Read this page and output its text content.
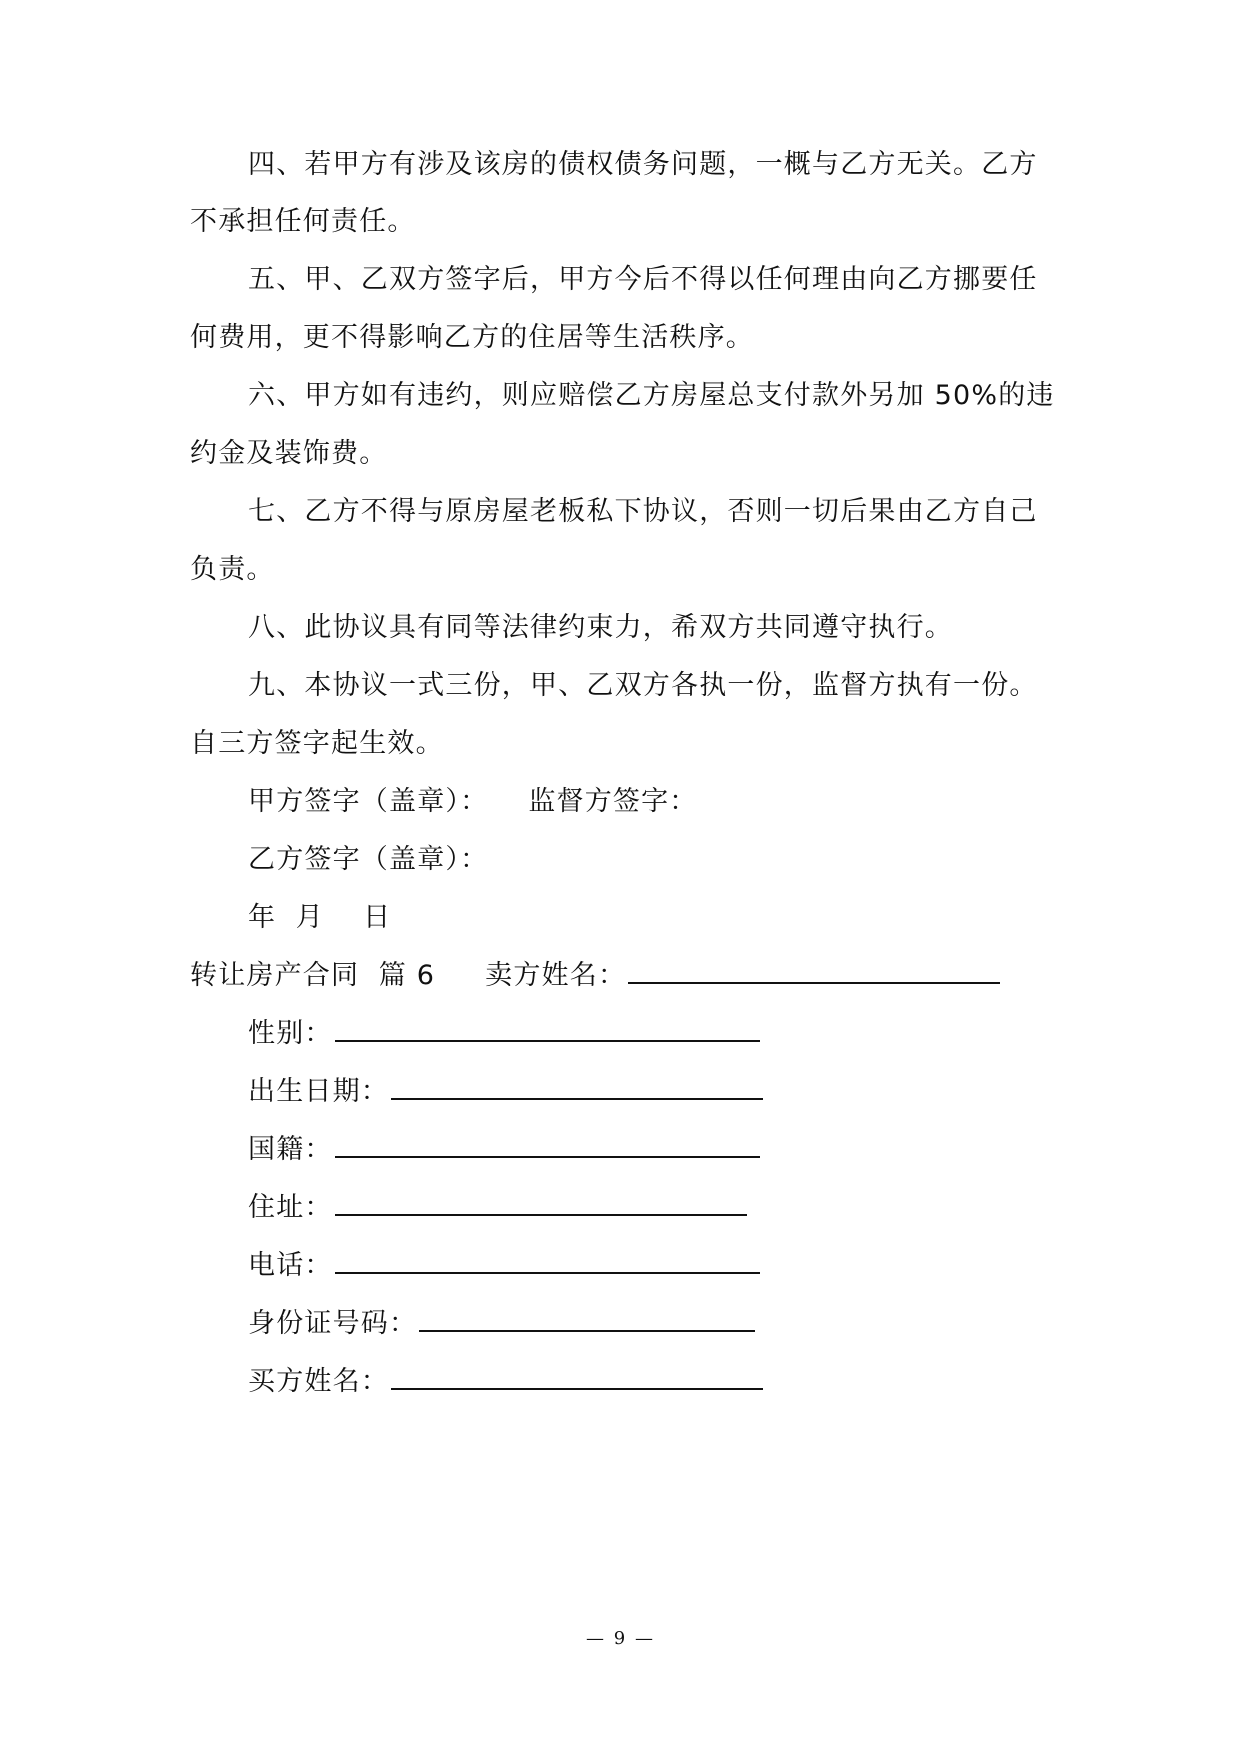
四、若甲方有涉及该房的债权债务问题，一概与乙方无关。乙方
不承担任何责任。
五、甲、乙双方签字后，甲方今后不得以任何理由向乙方挪要任
何费用，更不得影响乙方的住居等生活秩序。
六、甲方如有违约，则应赔偿乙方房屋总支付款外另加 50%的违
约金及装饰费。
七、乙方不得与原房屋老板私下协议，否则一切后果由乙方自己
负责。
八、此协议具有同等法律约束力，希双方共同遵守执行。
九、本协议一式三份，甲、乙双方各执一份，监督方执有一份。
自三方签字起生效。
甲方签字（盖章）： 监督方签字：
乙方签字（盖章）：
年  月    日
转让房产合同  篇 6 卖方姓名：
性别：
出生日期：
国籍：
住址：
电话：
身份证号码：
买方姓名：
— 9 —
